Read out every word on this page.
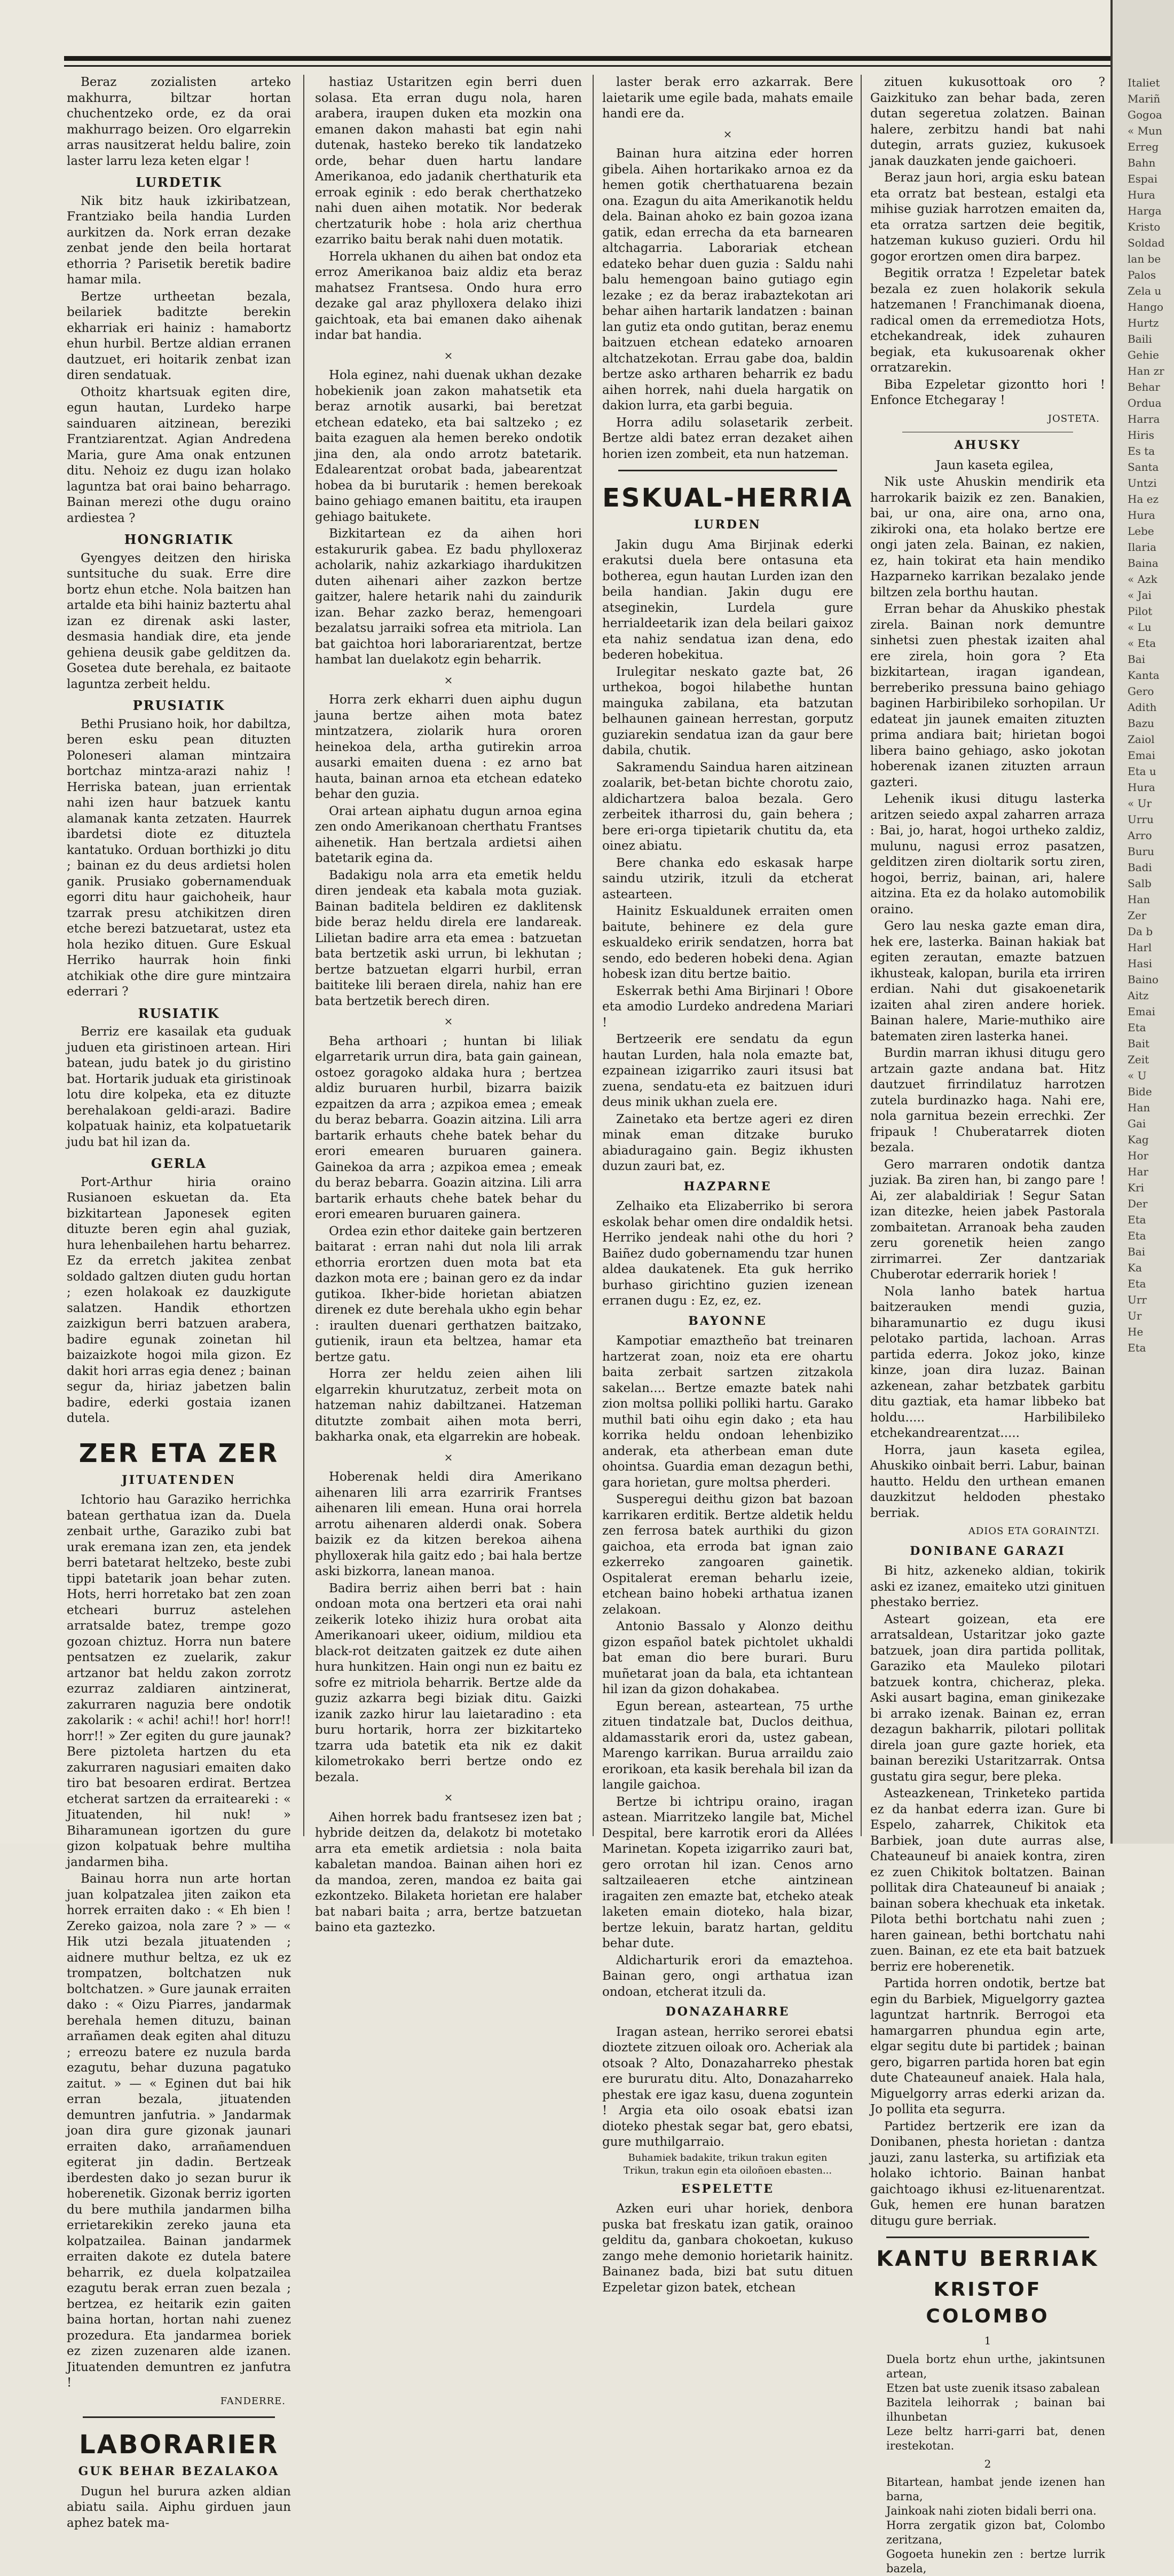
Beraz zozialisten arteko makhurra, biltzar hortan chuchentzeko orde, ez da orai makhurrago beizen. Oro elgarrekin arras nausitzerat heldu balire, zoin laster larru leza keten elgar !

LURDETIK

Nik bitz hauk izkiribatzean, Frantziako beila handia Lurden aurkitzen da. Nork erran dezake zenbat jende den beila hortarat ethorria ? Parisetik beretik badire hamar mila.

Bertze urtheetan bezala, beilariek baditzte berekin ekharriak eri hainiz : hamabortz ehun hurbil. Bertze aldian erranen dautzuet, eri hoitarik zenbat izan diren sendatuak.

Othoitz khartsuak egiten dire, egun hautan, Lurdeko harpe sainduaren aitzinean, bereziki Frantziarentzat. Agian Andredena Maria, gure Ama onak entzunen ditu. Nehoiz ez dugu izan holako laguntza bat orai baino beharrago. Bainan merezi othe dugu oraino ardiestea ?

HONGRIATIK

Gyengyes deitzen den hiriska suntsituche du suak. Erre dire bortz ehun etche. Nola baitzen han artalde eta bihi hainiz baztertu ahal izan ez direnak aski laster, desmasia handiak dire, eta jende gehiena deusik gabe gelditzen da. Gosetea dute berehala, ez baitaote laguntza zerbeit heldu.

PRUSIATIK

Bethi Prusiano hoik, hor dabiltza, beren esku pean dituzten Poloneseri alaman mintzaira bortchaz mintza-arazi nahiz ! Herriska batean, juan errientak nahi izen haur batzuek kantu alamanak kanta zetzaten. Haurrek ibardetsi diote ez dituztela kantatuko. Orduan borthizki jo ditu ; bainan ez du deus ardietsi holen ganik. Prusiako gobernamenduak egorri ditu haur gaichoheik, haur tzarrak presu atchikitzen diren etche berezi batzuetarat, ustez eta hola heziko dituen. Gure Eskual Herriko haurrak hoin finki atchikiak othe dire gure mintzaira ederrari ?

RUSIATIK

Berriz ere kasailak eta guduak juduen eta giristinoen artean. Hiri batean, judu batek jo du giristino bat. Hortarik juduak eta giristinoak lotu dire kolpeka, eta ez dituzte berehalakoan geldi-arazi. Badire kolpatuak hainiz, eta kolpatuetarik judu bat hil izan da.

GERLA

Port-Arthur hiria oraino Rusianoen eskuetan da. Eta bizkitartean Japonesek egiten dituzte beren egin ahal guziak, hura lehenbailehen hartu beharrez. Ez da erretch jakitea zenbat soldado galtzen diuten gudu hortan ; ezen holakoak ez dauzkigute salatzen. Handik ethortzen zaizkigun berri batzuen arabera, badire egunak zoinetan hil baizaizkote hogoi mila gizon. Ez dakit hori arras egia denez ; bainan segur da, hiriaz jabetzen balin badire, ederki gostaia izanen dutela.

ZER ETA ZER
JITUATENDEN

Ichtorio hau Garaziko herrichka batean gerthatua izan da. Duela zenbait urthe, Garaziko zubi bat urak eremana izan zen, eta jendek berri batetarat heltzeko, beste zubi tippi batetarik joan behar zuten. Hots, herri horretako bat zen zoan etcheari burruz astelehen arratsalde batez, trempe gozo gozoan chiztuz. Horra nun batere pentsatzen ez zuelarik, zakur artzanor bat heldu zakon zorrotz ezurraz zaldiaren aintzinerat, zakurraren naguzia bere ondotik zakolarik : « achi! achi!! hor! horr!! horr!! » Zer egiten du gure jaunak? Bere piztoleta hartzen du eta zakurraren nagusiari emaiten dako tiro bat besoaren erdirat. Bertzea etcherat sartzen da erraiteareki : « Jituatenden, hil nuk! » Biharamunean igortzen du gure gizon kolpatuak behre multiha jandarmen biha.

Bainau horra nun arte hortan juan kolpatzalea jiten zaikon eta horrek erraiten dako : « Eh bien ! Zereko gaizoa, nola zare ? » — « Hik utzi bezala jituatenden ; aidnere muthur beltza, ez uk ez trompatzen, boltchatzen nuk boltchatzen. » Gure jaunak erraiten dako : « Oizu Piarres, jandarmak berehala hemen dituzu, bainan arrañamen deak egiten ahal dituzu ; erreozu batere ez nuzula barda ezagutu, behar duzuna pagatuko zaitut. » — « Eginen dut bai hik erran bezala, jituatenden demuntren janfutria. » Jandarmak joan dira gure gizonak jaunari erraiten dako, arrañamenduen egiterat jin dadin. Bertzeak iberdesten dako jo sezan burur ik hoberenetik. Gizonak berriz igorten du bere muthila jandarmen bilha errietarekikin zereko jauna eta kolpatzailea. Bainan jandarmek erraiten dakote ez dutela batere beharrik, ez duela kolpatzailea ezagutu berak erran zuen bezala ; bertzea, ez heitarik ezin gaiten baina hortan, hortan nahi zuenez prozedura. Eta jandarmea boriek ez zizen zuzenaren alde izanen. Jituatenden demuntren ez janfutra !

FANDERRE.
LABORARIER
GUK BEHAR BEZALAKOA

Dugun hel burura azken aldian abiatu saila. Aiphu girduen jaun aphez batek ma-

hastiaz Ustaritzen egin berri duen solasa. Eta erran dugu nola, haren arabera, iraupen duken eta mozkin ona emanen dakon mahasti bat egin nahi dutenak, hasteko bereko tik landatzeko orde, behar duen hartu landare Amerikanoa, edo jadanik cherthaturik eta erroak eginik : edo berak cherthatzeko nahi duen aihen motatik. Nor bederak chertzaturik hobe : hola ariz cherthua ezarriko baitu berak nahi duen motatik.

Horrela ukhanen du aihen bat ondoz eta erroz Amerikanoa baiz aldiz eta beraz mahatsez Frantsesa. Ondo hura erro dezake gal araz phylloxera delako ihizi gaichtoak, eta bai emanen dako aihenak indar bat handia.

×

Hola eginez, nahi duenak ukhan dezake hobekienik joan zakon mahatsetik eta beraz arnotik ausarki, bai beretzat etchean edateko, eta bai saltzeko ; ez baita ezaguen ala hemen bereko ondotik jina den, ala ondo arrotz batetarik. Edalearentzat orobat bada, jabearentzat hobea da bi burutarik : hemen berekoak baino gehiago emanen baititu, eta iraupen gehiago baitukete.

Bizkitartean ez da aihen hori estakururik gabea. Ez badu phylloxeraz acholarik, nahiz azkarkiago ihardukitzen duten aihenari aiher zazkon bertze gaitzer, halere hetarik nahi du zaindurik izan. Behar zazko beraz, hemengoari bezalatsu jarraiki sofrea eta mitriola. Lan bat gaichtoa hori laborariarentzat, bertze hambat lan duelakotz egin beharrik.

×

Horra zerk ekharri duen aiphu dugun jauna bertze aihen mota batez mintzatzera, ziolarik hura ororen heinekoa dela, artha gutirekin arroa ausarki emaiten duena : ez arno bat hauta, bainan arnoa eta etchean edateko behar den guzia.

Orai artean aiphatu dugun arnoa egina zen ondo Amerikanoan cherthatu Frantses aihenetik. Han bertzala ardietsi aihen batetarik egina da.

Badakigu nola arra eta emetik heldu diren jendeak eta kabala mota guziak. Bainan baditela beldiren ez daklitensk bide beraz heldu direla ere landareak. Lilietan badire arra eta emea : batzuetan bata bertzetik aski urrun, bi lekhutan ; bertze batzuetan elgarri hurbil, erran baititeke lili beraen direla, nahiz han ere bata bertzetik berech diren.

×

Beha arthoari ; huntan bi liliak elgarretarik urrun dira, bata gain gainean, ostoez goragoko aldaka hura ; bertzea aldiz buruaren hurbil, bizarra baizik ezpaitzen da arra ; azpikoa emea ; emeak du beraz bebarra. Goazin aitzina. Lili arra bartarik erhauts chehe batek behar du erori emearen buruaren gainera. Gainekoa da arra ; azpikoa emea ; emeak du beraz bebarra. Goazin aitzina. Lili arra bartarik erhauts chehe batek behar du erori emearen buruaren gainera.

Ordea ezin ethor daiteke gain bertzeren baitarat : erran nahi dut nola lili arrak ethorria erortzen duen mota bat eta dazkon mota ere ; bainan gero ez da indar gutikoa. Ikher-bide horietan abiatzen direnek ez dute berehala ukho egin behar : iraulten duenari gerthatzen baitzako, gutienik, iraun eta beltzea, hamar eta bertze gatu.

Horra zer heldu zeien aihen lili elgarrekin khurutzatuz, zerbeit mota on hatzeman nahiz dabiltzanei. Hatzeman ditutzte zombait aihen mota berri, bakharka onak, eta elgarrekin are hobeak.

×

Hoberenak heldi dira Amerikano aihenaren lili arra ezarririk Frantses aihenaren lili emean. Huna orai horrela arrotu aihenaren alderdi onak. Sobera baizik ez da kitzen berekoa aihena phylloxerak hila gaitz edo ; bai hala bertze aski bizkorra, lanean manoa.

Badira berriz aihen berri bat : hain ondoan mota ona bertzeri eta orai nahi zeikerik loteko ihiziz hura orobat aita Amerikanoari ukeer, oidium, mildiou eta black-rot deitzaten gaitzek ez dute aihen hura hunkitzen. Hain ongi nun ez baitu ez sofre ez mitriola beharrik. Bertze alde da guziz azkarra begi biziak ditu. Gaizki izanik zazko hirur lau laietaradino : eta buru hortarik, horra zer bizkitarteko tzarra uda batetik eta nik ez dakit kilometrokako berri bertze ondo ez bezala.

×

Aihen horrek badu frantsesez izen bat ; hybride deitzen da, delakotz bi motetako arra eta emetik ardietsia : nola baita kabaletan mandoa. Bainan aihen hori ez da mandoa, zeren, mandoa ez baita gai ezkontzeko. Bilaketa horietan ere halaber bat nabari baita ; arra, bertze batzuetan baino eta gaztezko.

laster berak erro azkarrak. Bere laietarik ume egile bada, mahats emaile handi ere da.

×

Bainan hura aitzina eder horren gibela. Aihen hortarikako arnoa ez da hemen gotik cherthatuarena bezain ona. Ezagun du aita Amerikanotik heldu dela. Bainan ahoko ez bain gozoa izana gatik, edan errecha da eta barnearen altchagarria. Laborariak etchean edateko behar duen guzia : Saldu nahi balu hemengoan baino gutiago egin lezake ; ez da beraz irabaztekotan ari behar aihen hartarik landatzen : bainan lan gutiz eta ondo gutitan, beraz enemu baitzuen etchean edateko arnoaren altchatzekotan. Errau gabe doa, baldin bertze asko artharen beharrik ez badu aihen horrek, nahi duela hargatik on dakion lurra, eta garbi beguia.

Horra adilu solasetarik zerbeit. Bertze aldi batez erran dezaket aihen horien izen zombeit, eta nun hatzeman.

ESKUAL-HERRIA
LURDEN

Jakin dugu Ama Birjinak ederki erakutsi duela bere ontasuna eta botherea, egun hautan Lurden izan den beila handian. Jakin dugu ere atseginekin, Lurdela gure herrialdeetarik izan dela beilari gaixoz eta nahiz sendatua izan dena, edo bederen hobekitua.

Irulegitar neskato gazte bat, 26 urthekoa, bogoi hilabethe huntan mainguka zabilana, eta batzutan belhaunen gainean herrestan, gorputz guziarekin sendatua izan da gaur bere dabila, chutik.

Sakramendu Saindua haren aitzinean zoalarik, bet-betan bichte chorotu zaio, aldichartzera baloa bezala. Gero zerbeitek itharrosi du, gain behera ; bere eri-orga tipietarik chutitu da, eta oinez abiatu.

Bere chanka edo eskasak harpe saindu utzirik, itzuli da etcherat astearteen.

Hainitz Eskualdunek erraiten omen baitute, behinere ez dela gure eskualdeko eririk sendatzen, horra bat sendo, edo bederen hobeki dena. Agian hobesk izan ditu bertze baitio.

Eskerrak bethi Ama Birjinari ! Obore eta amodio Lurdeko andredena Mariari !

Bertzeerik ere sendatu da egun hautan Lurden, hala nola emazte bat, ezpainean izigarriko zauri itsusi bat zuena, sendatu-eta ez baitzuen iduri deus minik ukhan zuela ere.

Zainetako eta bertze ageri ez diren minak eman ditzake buruko abiaduragaino gain. Begiz ikhusten duzun zauri bat, ez.

HAZPARNE

Zelhaiko eta Elizaberriko bi serora eskolak behar omen dire ondaldik hetsi. Herriko jendeak nahi othe du hori ? Baiñez dudo gobernamendu tzar hunen aldea daukatenek. Eta guk herriko burhaso girichtino guzien izenean erranen dugu : Ez, ez, ez.

BAYONNE

Kampotiar emaztheño bat treinaren hartzerat zoan, noiz eta ere ohartu baita zerbait sartzen zitzakola sakelan.... Bertze emazte batek nahi zion moltsa polliki polliki hartu. Garako muthil bati oihu egin dako ; eta hau korrika heldu ondoan lehenbiziko anderak, eta atherbean eman dute ohointsa. Guardia eman dezagun bethi, gara horietan, gure moltsa pherderi.

Susperegui deithu gizon bat bazoan karrikaren erditik. Bertze aldetik heldu zen ferrosa batek aurthiki du gizon gaichoa, eta erroda bat ignan zaio ezkerreko zangoaren gainetik. Ospitalerat ereman beharlu izeie, etchean baino hobeki arthatua izanen zelakoan.

Antonio Bassalo y Alonzo deithu gizon español batek pichtolet ukhaldi bat eman dio bere burari. Buru muñetarat joan da bala, eta ichtantean hil izan da gizon dohakabea.

Egun berean, asteartean, 75 urthe zituen tindatzale bat, Duclos deithua, aldamasstarik erori da, ustez gabean, Marengo karrikan. Burua arraildu zaio erorikoan, eta kasik berehala bil izan da langile gaichoa.

Bertze bi ichtripu oraino, iragan astean. Miarritzeko langile bat, Michel Despital, bere karrotik erori da Allées Marinetan. Kopeta izigarriko zauri bat, gero orrotan hil izan. Cenos arno saltzaileaeren etche aintzinean iragaiten zen emazte bat, etcheko ateak laketen emain dioteko, hala bizar, bertze lekuin, baratz hartan, gelditu behar dute.

Aldicharturik erori da emaztehoa. Bainan gero, ongi arthatua izan ondoan, etcherat itzuli da.

DONAZAHARRE

Iragan astean, herriko serorei ebatsi dioztete zitzuen oiloak oro. Acheriak ala otsoak ? Alto, Donazaharreko phestak ere bururatu ditu. Alto, Donazaharreko phestak ere igaz kasu, duena zoguntein ! Argia eta oilo osoak ebatsi izan dioteko phestak segar bat, gero ebatsi, gure muthilgarraio.

Buhamiek badakite, trikun trakun egiten
Trikun, trakun egin eta oiloñoen ebasten...

ESPELETTE

Azken euri uhar horiek, denbora puska bat freskatu izan gatik, orainoo gelditu da, ganbara chokoetan, kukuso zango mehe demonio horietarik hainitz. Bainanez bada, bizi bat sutu dituen Ezpeletar gizon batek, etchean

zituen kukusottoak oro ? Gaizkituko zan behar bada, zeren dutan segeretua zolatzen. Bainan halere, zerbitzu handi bat nahi dutegin, arrats guziez, kukusoek janak dauzkaten jende gaichoeri.

Beraz jaun hori, argia esku batean eta orratz bat bestean, estalgi eta mihise guziak harrotzen emaiten da, eta orratza sartzen deie begitik, hatzeman kukuso guzieri. Ordu hil gogor erortzen omen dira barpez.

Begitik orratza ! Ezpeletar batek bezala ez zuen holakorik sekula hatzemanen ! Franchimanak dioena, radical omen da erremediotza Hots, etchekandreak, idek zuhauren begiak, eta kukusoarenak okher orratzarekin.

Biba Ezpeletar gizontto hori ! Enfonce Etchegaray !

JOSTETA.
AHUSKY

Jaun kaseta egilea,

Nik uste Ahuskin mendirik eta harrokarik baizik ez zen. Banakien, bai, ur ona, aire ona, arno ona, zikiroki ona, eta holako bertze ere ongi jaten zela. Bainan, ez nakien, ez, hain tokirat eta hain mendiko Hazparneko karrikan bezalako jende biltzen zela borthu hautan.

Erran behar da Ahuskiko phestak zirela. Bainan nork demuntre sinhetsi zuen phestak izaiten ahal ere zirela, hoin gora ? Eta bizkitartean, iragan igandean, berreberiko pressuna baino gehiago baginen Harbiribileko sorhopilan. Ur edateat jin jaunek emaiten zituzten prima andiara bait; hirietan bogoi libera baino gehiago, asko jokotan hoberenak izanen zituzten arraun gazteri.

Lehenik ikusi ditugu lasterka aritzen seiedo axpal zaharren arraza : Bai, jo, harat, hogoi urtheko zaldiz, mulunu, nagusi erroz pasatzen, gelditzen ziren dioltarik sortu ziren, hogoi, berriz, bainan, ari, halere aitzina. Eta ez da holako automobilik oraino.

Gero lau neska gazte eman dira, hek ere, lasterka. Bainan hakiak bat egiten zerautan, emazte batzuen ikhusteak, kalopan, burila eta irriren erdian. Nahi dut gisakoenetarik izaiten ahal ziren andere horiek. Bainan halere, Marie-muthiko aire batematen ziren lasterka hanei.

Burdin marran ikhusi ditugu gero artzain gazte andana bat. Hitz dautzuet firrindilatuz harrotzen zutela burdinazko haga. Nahi ere, nola garnitua bezein errechki. Zer fripauk ! Chuberatarrek dioten bezala.

Gero marraren ondotik dantza juziak. Ba ziren han, bi zango pare ! Ai, zer alabaldiriak ! Segur Satan izan ditezke, heien jabek Pastorala zombaitetan. Arranoak beha zauden zeru gorenetik heien zango zirrimarrei. Zer dantzariak Chuberotar ederrarik horiek !

Nola lanho batek hartua baitzerauken mendi guzia, biharamunartio ez dugu ikusi pelotako partida, lachoan. Arras partida ederra. Jokoz joko, kinze kinze, joan dira luzaz. Bainan azkenean, zahar betzbatek garbitu ditu gaztiak, eta hamar libbeko bat holdu..... Harbilibileko etchekandrearentzat.....

Horra, jaun kaseta egilea, Ahuskiko oinbait berri. Labur, bainan hautto. Heldu den urthean emanen dauzkitzut heldoden phestako berriak.

ADIOS ETA GORAINTZI.
DONIBANE GARAZI

Bi hitz, azkeneko aldian, tokirik aski ez izanez, emaiteko utzi ginituen phestako berriez.

Asteart goizean, eta ere arratsaldean, Ustaritzar joko gazte batzuek, joan dira partida pollitak, Garaziko eta Mauleko pilotari batzuek kontra, chicheraz, pleka. Aski ausart bagina, eman ginikezake bi arrako izenak. Bainan ez, erran dezagun bakharrik, pilotari pollitak direla joan gure gazte horiek, eta bainan bereziki Ustaritzarrak. Ontsa gustatu gira segur, bere pleka.

Asteazkenean, Trinketeko partida ez da hanbat ederra izan. Gure bi Espelo, zaharrek, Chikitok eta Barbiek, joan dute aurras alse, Chateauneuf bi anaiek kontra, ziren ez zuen Chikitok boltatzen. Bainan pollitak dira Chateauneuf bi anaiak ; bainan sobera khechuak eta inketak. Pilota bethi bortchatu nahi zuen ; haren gainean, bethi bortchatu nahi zuen. Bainan, ez ete eta bait batzuek berriz ere hoberenetik.

Partida horren ondotik, bertze bat egin du Barbiek, Miguelgorry gaztea laguntzat hartnrik. Berrogoi eta hamargarren phundua egin arte, elgar segitu dute bi partidek ; bainan gero, bigarren partida horen bat egin dute Chateauneuf anaiek. Hala hala, Miguelgorry arras ederki arizan da. Jo pollita eta segurra.

Partidez bertzerik ere izan da Donibanen, phesta horietan : dantza jauzi, zanu lasterka, su artifiziak eta holako ichtorio. Bainan hanbat gaichtoago ikhusi ez-lituenarentzat. Guk, hemen ere hunan baratzen ditugu gure berriak.

KANTU BERRIAK
KRISTOF COLOMBO
1

Duela bortz ehun urthe, jakintsunen artean,
Etzen bat uste zuenik itsaso zabalean
Bazitela leihorrak ; bainan bai ilhunbetan
Leze beltz harri-garri bat, denen irestekotan.

2

Bitartean, hambat jende izenen han barna,
Jainkoak nahi zioten bidali berri ona.
Horra zergatik gizon bat, Colombo zeritzana,
Gogoeta hunekin zen : bertze lurrik bazela,

Italiet
Mariñ
Gogoa
« Mun
Erreg
Bahn
Espai
Hura
Harga
Kristo
Soldad
lan be
Palos
Zela u
Hango
Hurtz
Baili
Gehie
Han zr
Behar
Ordua
Harra
Hiris
Es ta
Santa
Untzi
Ha ez
Hura
Lebe
Ilaria
Baina
« Azk
« Jai
Pilot
« Lu
« Eta
Bai
Kanta
Gero
Adith
Bazu
Zaiol
Emai
Eta u
Hura
« Ur
Urru
Arro
Buru
Badi
Salb
Han
Zer
Da b
Harl
Hasi
Baino
Aitz
Emai
Eta
Bait
Zeit
« U
Bide
Han
Gai
Kag
Hor
Har
Kri
Der
Eta
Eta
Bai
Ka
Eta
Urr
Ur
He
Eta
